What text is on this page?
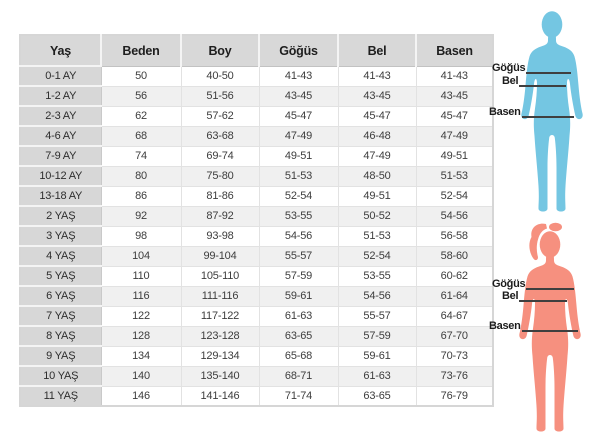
Yaş	Beden	Boy	Göğüs	Bel	Basen
0-1 AY	50	40-50	41-43	41-43	41-43
1-2 AY	56	51-56	43-45	43-45	43-45
2-3 AY	62	57-62	45-47	45-47	45-47
4-6 AY	68	63-68	47-49	46-48	47-49
7-9 AY	74	69-74	49-51	47-49	49-51
10-12 AY	80	75-80	51-53	48-50	51-53
13-18 AY	86	81-86	52-54	49-51	52-54
2 YAŞ	92	87-92	53-55	50-52	54-56
3 YAŞ	98	93-98	54-56	51-53	56-58
4 YAŞ	104	99-104	55-57	52-54	58-60
5 YAŞ	110	105-110	57-59	53-55	60-62
6 YAŞ	116	111-116	59-61	54-56	61-64
7 YAŞ	122	117-122	61-63	55-57	64-67
8 YAŞ	128	123-128	63-65	57-59	67-70
9 YAŞ	134	129-134	65-68	59-61	70-73
10 YAŞ	140	135-140	68-71	61-63	73-76
11 YAŞ	146	141-146	71-74	63-65	76-79
Göğüs
Bel
Basen
Göğüs
Bel
Basen
